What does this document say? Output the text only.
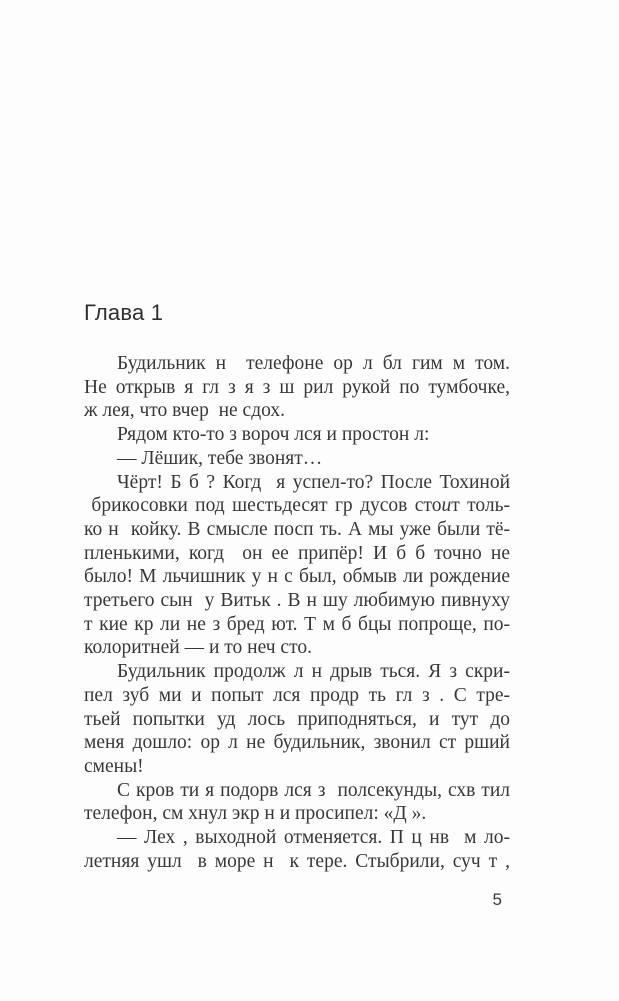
Глава 1
Будильник н  телефоне ор л бл гим м том.
Не открыв я гл з я з ш рил рукой по тумбочке,
ж лея, что вчер  не сдох.
Рядом кто-то з вороч лся и простон л:
— Лёшик, тебе звонят…
Чёрт! Б б ? Когд  я успел-то? После Тохиной
брикосовки под шестьдесят гр дусов стоит толь-
ко н  койку. В смысле посп ть. А мы уже были тё-
пленькими, когд  он ее припёр! И б б точно не
было! М льчишник у н с был, обмыв ли рождение
третьего сын  у Витьк . В н шу любимую пивнуху
т кие кр ли не з бред ют. Т м б бцы попроще, по-
колоритней — и то неч сто.
Будильник продолж л н дрыв ться. Я з скри-
пел зуб ми и попыт лся продр ть гл з . С тре-
тьей попытки уд лось приподняться, и тут до
меня дошло: ор л не будильник, звонил ст рший
смены!
С кров ти я подорв лся з  полсекунды, схв тил
телефон, см хнул экр н и просипел: «Д ».
— Лех , выходной отменяется. П ц нв  м ло-
летняя ушл  в море н  к тере. Стыбрили, суч т ,
5
